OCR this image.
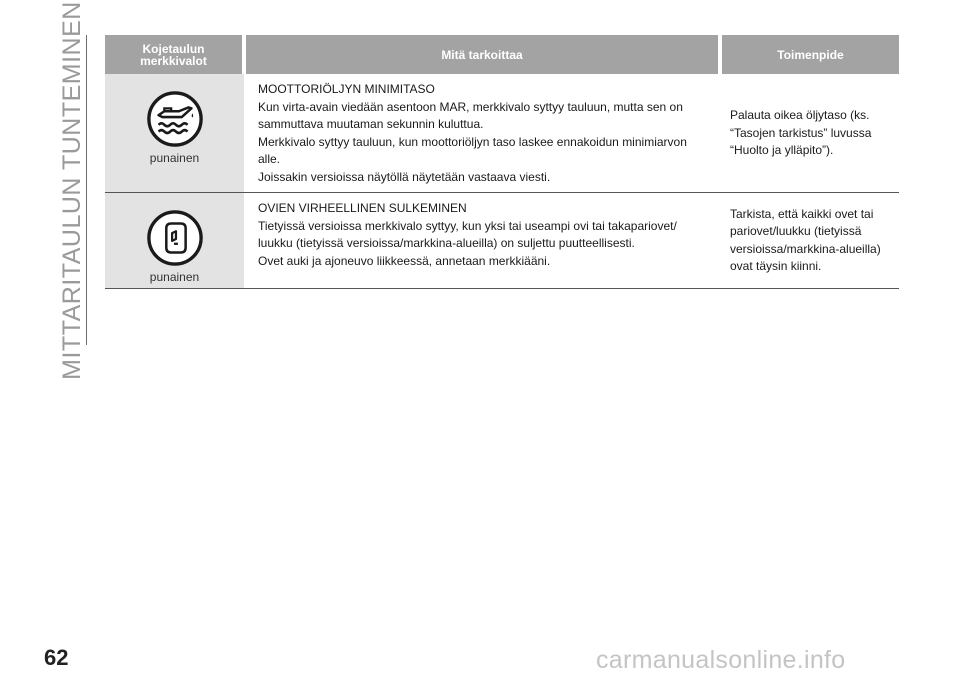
MITTARITAULUN TUNTEMINEN	Kojetaulun
merkkivalot	Mitä tarkoittaa	Toimenpide

punainen	MOOTTORIÖLJYN MINIMITASO
Kun virta-avain viedään asentoon MAR, merkkivalo syttyy tauluun, mutta sen on sammuttava muutaman sekunnin kuluttua.
Merkkivalo syttyy tauluun, kun moottoriöljyn taso laskee ennakoidun minimiarvon alle.
Joissakin versioissa näytöllä näytetään vastaava viesti.	Palauta oikea öljytaso (ks. “Tasojen tarkistus” luvussa “Huolto ja ylläpito”).

punainen	OVIEN VIRHEELLINEN SULKEMINEN
Tietyissä versioissa merkkivalo syttyy, kun yksi tai useampi ovi tai takapariovet/ luukku (tietyissä versioissa/markkina-alueilla) on suljettu puutteellisesti.
Ovet auki ja ajoneuvo liikkeessä, annetaan merkkiääni.	Tarkista, että kaikki ovet tai pariovet/luukku (tietyissä versioissa/markkina-alueilla) ovat täysin kiinni.
62	carmanualsonline.info
